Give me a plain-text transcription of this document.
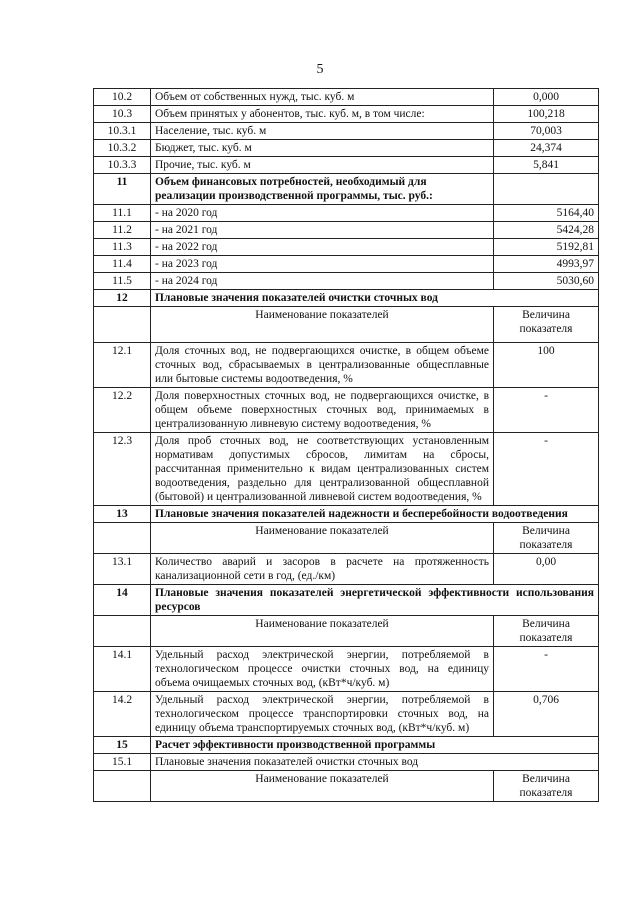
5
10.2	Объем от собственных нужд, тыс. куб. м	0,000
10.3	Объем принятых у абонентов, тыс. куб. м, в том числе:	100,218
10.3.1	Население, тыс. куб. м	70,003
10.3.2	Бюджет, тыс. куб. м	24,374
10.3.3	Прочие, тыс. куб. м	5,841
11	Объем финансовых потребностей, необходимый для реализации производственной программы, тыс. руб.:	
11.1	- на 2020 год	5164,40
11.2	- на 2021 год	5424,28
11.3	- на 2022 год	5192,81
11.4	- на 2023 год	4993,97
11.5	- на 2024 год	5030,60
12	Плановые значения показателей очистки сточных вод	
	Наименование показателей	Величина показателя
12.1	Доля сточных вод, не подвергающихся очистке, в общем объеме сточных вод, сбрасываемых в централизованные общесплавные или бытовые системы водоотведения, %	100
12.2	Доля поверхностных сточных вод, не подвергающихся очистке, в общем объеме поверхностных сточных вод, принимаемых в централизованную ливневую систему водоотведения, %	-
12.3	Доля проб сточных вод, не соответствующих установленным нормативам допустимых сбросов, лимитам на сбросы, рассчитанная применительно к видам централизованных систем водоотведения, раздельно для централизованной общесплавной (бытовой) и централизованной ливневой систем водоотведения, %	-
13	Плановые значения показателей надежности и бесперебойности водоотведения	
	Наименование показателей	Величина показателя
13.1	Количество аварий и засоров в расчете на протяженность канализационной сети в год, (ед./км)	0,00
14	Плановые значения показателей энергетической эффективности использования ресурсов	
	Наименование показателей	Величина показателя
14.1	Удельный расход электрической энергии, потребляемой в технологическом процессе очистки сточных вод, на единицу объема очищаемых сточных вод, (кВт*ч/куб. м)	-
14.2	Удельный расход электрической энергии, потребляемой в технологическом процессе транспортировки сточных вод, на единицу объема транспортируемых сточных вод, (кВт*ч/куб. м)	0,706
15	Расчет эффективности производственной программы	
15.1	Плановые значения показателей очистки сточных вод	
	Наименование показателей	Величина показателя
